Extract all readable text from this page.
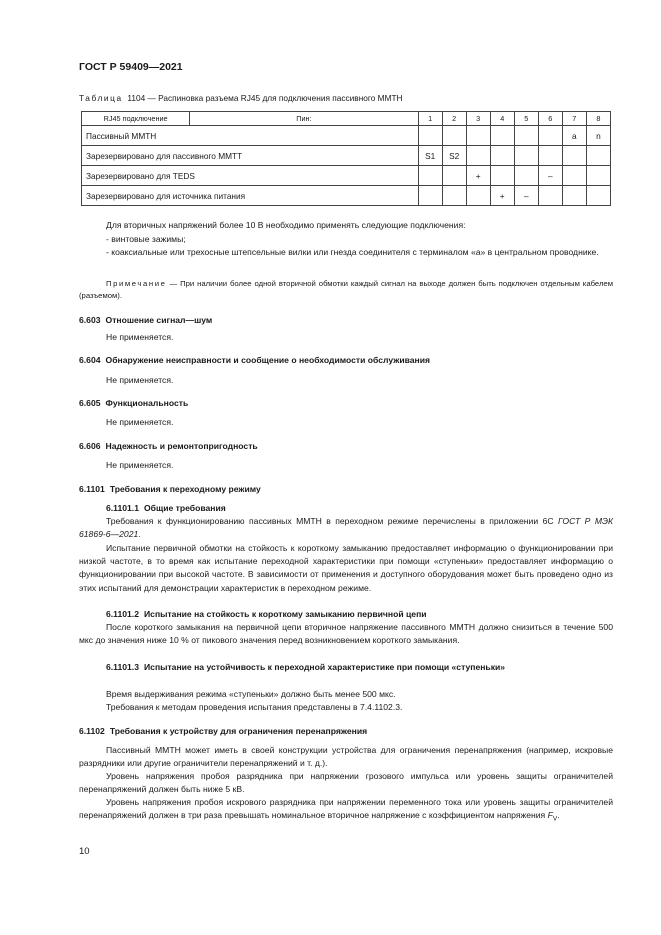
ГОСТ Р 59409—2021
Таблица 1104 — Распиновка разъема RJ45 для подключения пассивного ММТН
RJ45 подключение	Пин:	1	2	3	4	5	6	7	8
Пассивный ММТН								a	n
Зарезервировано для пассивного ММТТ		S1	S2						
Зарезервировано для TEDS				+			–		
Зарезервировано для источника питания					+	–			
Для вторичных напряжений более 10 В необходимо применять следующие подключения:
- винтовые зажимы;
- коаксиальные или трехосные штепсельные вилки или гнезда соединителя с терминалом «a» в центральном проводнике.
Примечание — При наличии более одной вторичной обмотки каждый сигнал на выходе должен быть подключен отдельным кабелем (разъемом).
6.603 Отношение сигнал—шум
Не применяется.
6.604 Обнаружение неисправности и сообщение о необходимости обслуживания
Не применяется.
6.605 Функциональность
Не применяется.
6.606 Надежность и ремонтопригодность
Не применяется.
6.1101 Требования к переходному режиму
6.1101.1 Общие требования
Требования к функционированию пассивных ММТН в переходном режиме перечислены в приложении 6С ГОСТ Р МЭК 61869-6—2021.
Испытание первичной обмотки на стойкость к короткому замыканию предоставляет информацию о функционировании при низкой частоте, в то время как испытание переходной характеристики при помощи «ступеньки» предоставляет информацию о функционировании при высокой частоте. В зависимости от применения и доступного оборудования может быть проведено одно из этих испытаний для демонстрации характеристик в переходном режиме.
6.1101.2 Испытание на стойкость к короткому замыканию первичной цепи
После короткого замыкания на первичной цепи вторичное напряжение пассивного ММТН должно снизиться в течение 500 мкс до значения ниже 10 % от пикового значения перед возникновением короткого замыкания.
6.1101.3 Испытание на устойчивость к переходной характеристике при помощи «ступеньки»
Время выдерживания режима «ступеньки» должно быть менее 500 мкс.
Требования к методам проведения испытания представлены в 7.4.1102.3.
6.1102 Требования к устройству для ограничения перенапряжения
Пассивный ММТН может иметь в своей конструкции устройства для ограничения перенапряжения (например, искровые разрядники или другие ограничители перенапряжений и т. д.).
Уровень напряжения пробоя разрядника при напряжении грозового импульса или уровень защиты ограничителей перенапряжений должен быть ниже 5 кВ.
Уровень напряжения пробоя искрового разрядника при напряжении переменного тока или уровень защиты ограничителей перенапряжений должен в три раза превышать номинальное вторичное напряжение с коэффициентом напряжения $F_V$.
10
